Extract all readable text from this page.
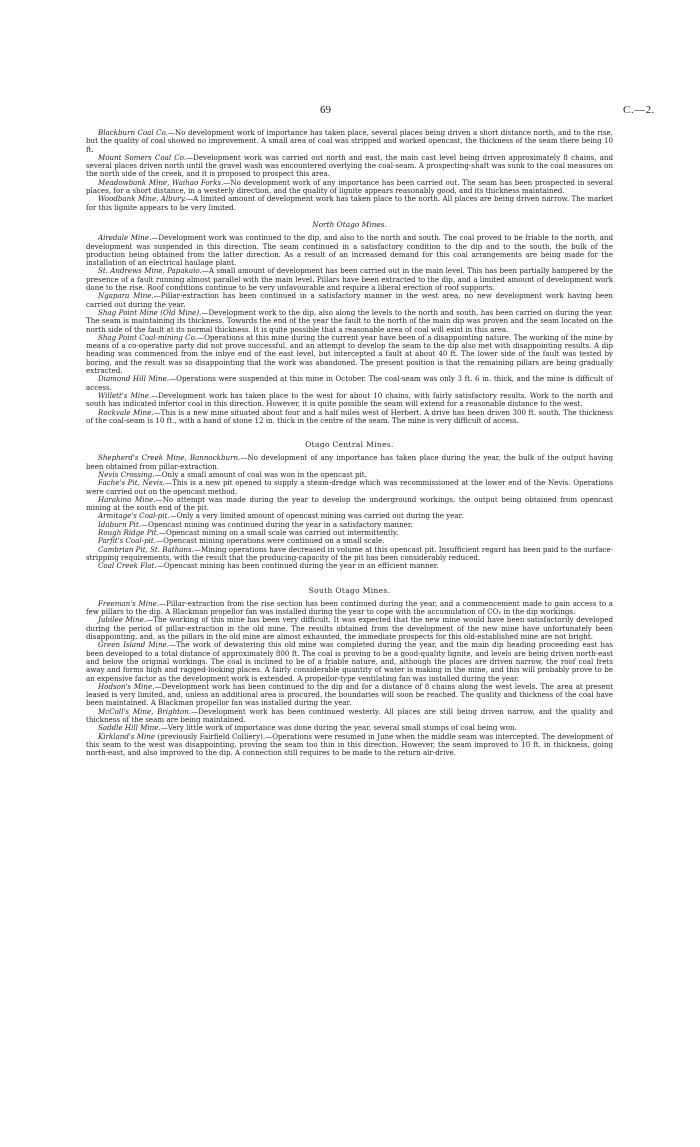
69	C.—2.

Blackburn Coal Co.—No development work of importance has taken place, several places being driven a short distance north, and to the rise, but the quality of coal showed no improvement. A small area of coal was stripped and worked opencast, the thickness of the seam there being 10 ft.

Mount Somers Coal Co.—Development work was carried out north and east, the main cast level being driven approximately 8 chains, and several places driven north until the gravel wash was encountered overlying the coal-seam. A prospecting-shaft was sunk to the coal measures on the north side of the creek, and it is proposed to prospect this area.

Meadowbank Mine, Waihao Forks.—No development work of any importance has been carried out. The seam has been prospected in several places, for a short distance, in a westerly direction, and the quality of lignite appears reasonably good, and its thickness maintained.

Woodbank Mine, Albury.—A limited amount of development work has taken place to the north. All places are being driven narrow. The market for this lignite appears to be very limited.

North Otago Mines.

Airedale Mine.—Development work was continued to the dip, and also to the north and south. The coal proved to be friable to the north, and development was suspended in this direction. The seam continued in a satisfactory condition to the dip and to the south, the bulk of the production being obtained from the latter direction. As a result of an increased demand for this coal arrangements are being made for the installation of an electrical haulage plant.

St. Andrews Mine, Papakaio.—A small amount of development has been carried out in the main level. This has been partially hampered by the presence of a fault running almost parallel with the main level. Pillars have been extracted to the dip, and a limited amount of development work done to the rise. Roof conditions continue to be very unfavourable and require a liberal erection of roof supports.

Ngapara Mine.—Pillar-extraction has been continued in a satisfactory manner in the west area, no new development work having been carried out during the year.

Shag Point Mine (Old Mine).—Development work to the dip, also along the levels to the north and south, has been carried on during the year. The seam is maintaining its thickness. Towards the end of the year the fault to the north of the main dip was proven and the seam located on the north side of the fault at its normal thickness. It is quite possible that a reasonable area of coal will exist in this area.

Shag Point Coal-mining Co.—Operations at this mine during the current year have been of a disappointing nature. The working of the mine by means of a co-operative party did not prove successful, and an attempt to develop the seam to the dip also met with disappointing results. A dip heading was commenced from the inbye end of the east level, but intercepted a fault at about 40 ft. The lower side of the fault was tested by boring, and the result was so disappointing that the work was abandoned. The present position is that the remaining pillars are being gradually extracted.

Diamond Hill Mine.—Operations were suspended at this mine in October. The coal-seam was only 3 ft. 6 in. thick, and the mine is difficult of access.

Willett's Mine.—Development work has taken place to the west for about 10 chains, with fairly satisfactory results. Work to the north and south has indicated inferior coal in this direction. However, it is quite possible the seam will extend for a reasonable distance to the west.

Rockvale Mine.—This is a new mine situated about four and a half miles west of Herbert. A drive has been driven 300 ft. south. The thickness of the coal-seam is 10 ft., with a band of stone 12 in. thick in the centre of the seam. The mine is very difficult of access.

Otago Central Mines.

Shepherd's Creek Mine, Bannockburn.—No development of any importance has taken place during the year, the bulk of the output having been obtained from pillar-extraction.

Nevis Crossing.—Only a small amount of coal was won in the opencast pit.

Fache's Pit, Nevis.—This is a new pit opened to supply a steam-dredge which was recommissioned at the lower end of the Nevis. Operations were carried out on the opencast method.

Harakino Mine.—No attempt was made during the year to develop the underground workings, the output being obtained from opencast mining at the south end of the pit.

Armitage's Coal-pit.—Only a very limited amount of opencast mining was carried out during the year.

Idaburn Pit.—Opencast mining was continued during the year in a satisfactory manner.

Rough Ridge Pit.—Opencast mining on a small scale was carried out intermittently.

Parfit's Coal-pit.—Opencast mining operations were continued on a small scale.

Cambrian Pit, St. Bathans.—Mining operations have decreased in volume at this opencast pit. Insufficient regard has been paid to the surface-stripping requirements, with the result that the producing-capacity of the pit has been considerably reduced.

Coal Creek Flat.—Opencast mining has been continued during the year in an efficient manner.

South Otago Mines.

Freeman's Mine.—Pillar-extraction from the rise section has been continued during the year, and a commencement made to gain access to a few pillars to the dip. A Blackman propellor fan was installed during the year to cope with the accumulation of CO₂ in the dip workings.

Jubilee Mine.—The working of this mine has been very difficult. It was expected that the new mine would have been satisfactorily developed during the period of pillar-extraction in the old mine. The results obtained from the development of the new mine have unfortunately been disappointing, and, as the pillars in the old mine are almost exhausted, the immediate prospects for this old-established mine are not bright.

Green Island Mine.—The work of dewatering this old mine was completed during the year, and the main dip heading proceeding east has been developed to a total distance of approximately 800 ft. The coal is proving to be a good-quality lignite, and levels are being driven north-east and below the original workings. The coal is inclined to be of a friable nature, and, although the places are driven narrow, the roof coal frets away and forms high and ragged-looking places. A fairly considerable quantity of water is making in the mine, and this will probably prove to be an expensive factor as the development work is extended. A propellor-type ventilating fan was installed during the year.

Hodson's Mine.—Development work has been continued to the dip and for a distance of 8 chains along the west levels. The area at present leased is very limited, and, unless an additional area is procured, the boundaries will soon be reached. The quality and thickness of the coal have been maintained. A Blackman propellor fan was installed during the year.

McColl's Mine, Brighton.—Development work has been continued westerly. All places are still being driven narrow, and the quality and thickness of the seam are being maintained.

Saddle Hill Mine.—Very little work of importance was done during the year, several small stumps of coal being won.

Kirkland's Mine (previously Fairfield Colliery).—Operations were resumed in June when the middle seam was intercepted. The development of this seam to the west was disappointing, proving the seam too thin in this direction. However, the seam improved to 10 ft. in thickness, going north-east, and also improved to the dip. A connection still requires to be made to the return air-drive.
